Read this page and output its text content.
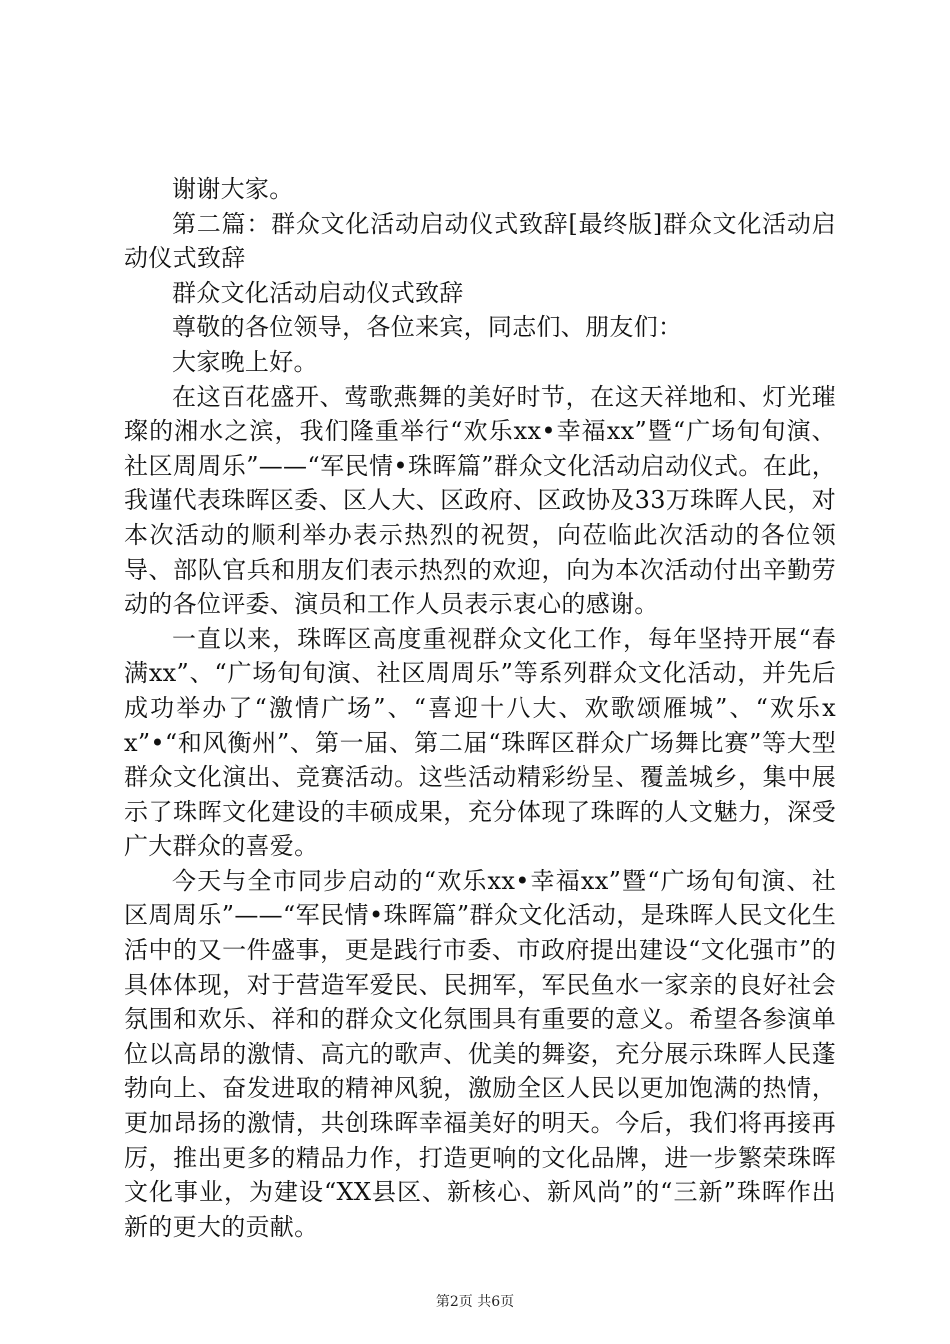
谢谢大家。

第二篇：群众文化活动启动仪式致辞[最终版]群众文化活动启动仪式致辞

群众文化活动启动仪式致辞

尊敬的各位领导，各位来宾，同志们、朋友们：

大家晚上好。

在这百花盛开、莺歌燕舞的美好时节，在这天祥地和、灯光璀璨的湘水之滨，我们隆重举行“欢乐xx•幸福xx”暨“广场旬旬演、社区周周乐”——“军民情•珠晖篇”群众文化活动启动仪式。在此，我谨代表珠晖区委、区人大、区政府、区政协及33万珠晖人民，对本次活动的顺利举办表示热烈的祝贺，向莅临此次活动的各位领导、部队官兵和朋友们表示热烈的欢迎，向为本次活动付出辛勤劳动的各位评委、演员和工作人员表示衷心的感谢。

一直以来，珠晖区高度重视群众文化工作，每年坚持开展“春满xx”、“广场旬旬演、社区周周乐”等系列群众文化活动，并先后成功举办了“激情广场”、“喜迎十八大、欢歌颂雁城”、“欢乐xx”•“和风衡州”、第一届、第二届“珠晖区群众广场舞比赛”等大型群众文化演出、竞赛活动。这些活动精彩纷呈、覆盖城乡，集中展示了珠晖文化建设的丰硕成果，充分体现了珠晖的人文魅力，深受广大群众的喜爱。

今天与全市同步启动的“欢乐xx•幸福xx”暨“广场旬旬演、社区周周乐”——“军民情•珠晖篇”群众文化活动，是珠晖人民文化生活中的又一件盛事，更是践行市委、市政府提出建设“文化强市”的具体体现，对于营造军爱民、民拥军，军民鱼水一家亲的良好社会氛围和欢乐、祥和的群众文化氛围具有重要的意义。希望各参演单位以高昂的激情、高亢的歌声、优美的舞姿，充分展示珠晖人民蓬勃向上、奋发进取的精神风貌，激励全区人民以更加饱满的热情，更加昂扬的激情，共创珠晖幸福美好的明天。今后，我们将再接再厉，推出更多的精品力作，打造更响的文化品牌，进一步繁荣珠晖文化事业，为建设“XX县区、新核心、新风尚”的“三新”珠晖作出新的更大的贡献。

第2页 共6页
